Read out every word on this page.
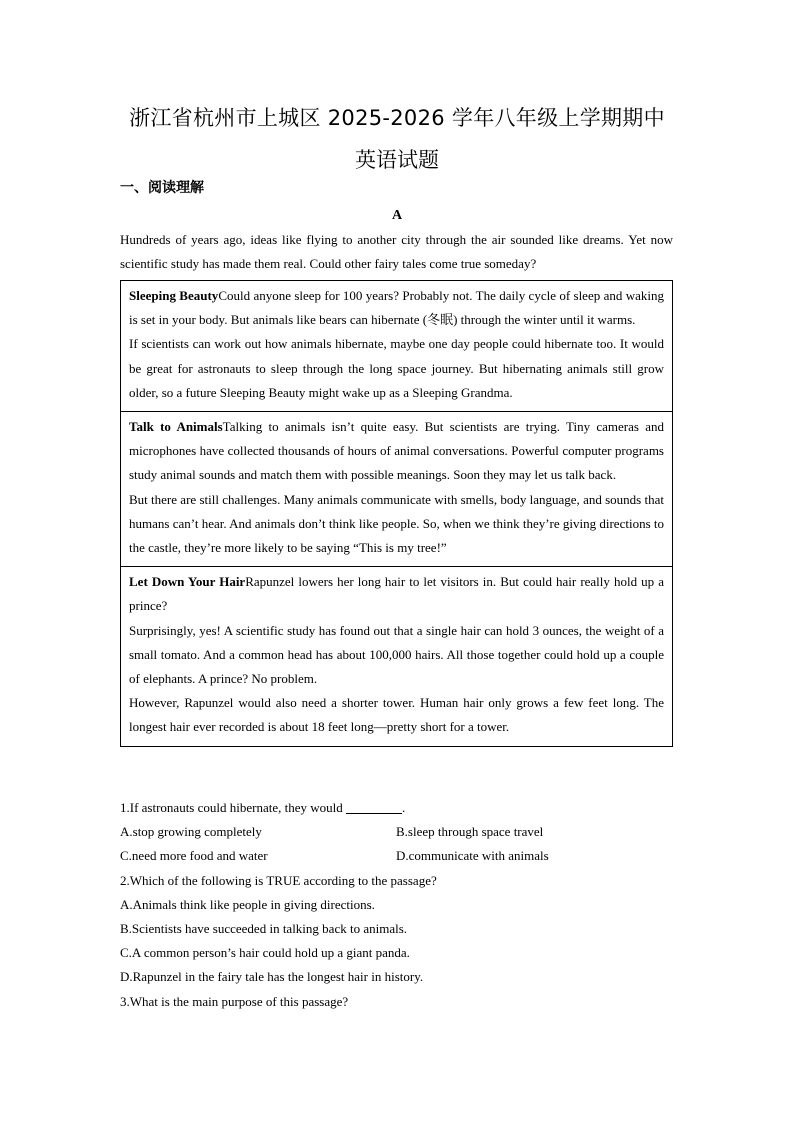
浙江省杭州市上城区 2025-2026 学年八年级上学期期中
英语试题
一、阅读理解
A
Hundreds of years ago, ideas like flying to another city through the air sounded like dreams. Yet now scientific study has made them real. Could other fairy tales come true someday?

Sleeping BeautyCould anyone sleep for 100 years? Probably not. The daily cycle of sleep and waking is set in your body. But animals like bears can hibernate (冬眠) through the winter until it warms.

If scientists can work out how animals hibernate, maybe one day people could hibernate too. It would be great for astronauts to sleep through the long space journey. But hibernating animals still grow older, so a future Sleeping Beauty might wake up as a Sleeping Grandma.

Talk to AnimalsTalking to animals isn’t quite easy. But scientists are trying. Tiny cameras and microphones have collected thousands of hours of animal conversations. Powerful computer programs study animal sounds and match them with possible meanings. Soon they may let us talk back.

But there are still challenges. Many animals communicate with smells, body language, and sounds that humans can’t hear. And animals don’t think like people. So, when we think they’re giving directions to the castle, they’re more likely to be saying “This is my tree!”

Let Down Your HairRapunzel lowers her long hair to let visitors in. But could hair really hold up a prince?

Surprisingly, yes! A scientific study has found out that a single hair can hold 3 ounces, the weight of a small tomato. And a common head has about 100,000 hairs. All those together could hold up a couple of elephants. A prince? No problem.

However, Rapunzel would also need a shorter tower. Human hair only grows a few feet long. The longest hair ever recorded is about 18 feet long—pretty short for a tower.

1.If astronauts could hibernate, they would	.

A.stop growing completely	B.sleep through space travel
C.need more food and water	D.communicate with animals

2.Which of the following is TRUE according to the passage?

A.Animals think like people in giving directions.

B.Scientists have succeeded in talking back to animals.

C.A common person’s hair could hold up a giant panda.

D.Rapunzel in the fairy tale has the longest hair in history.

3.What is the main purpose of this passage?
